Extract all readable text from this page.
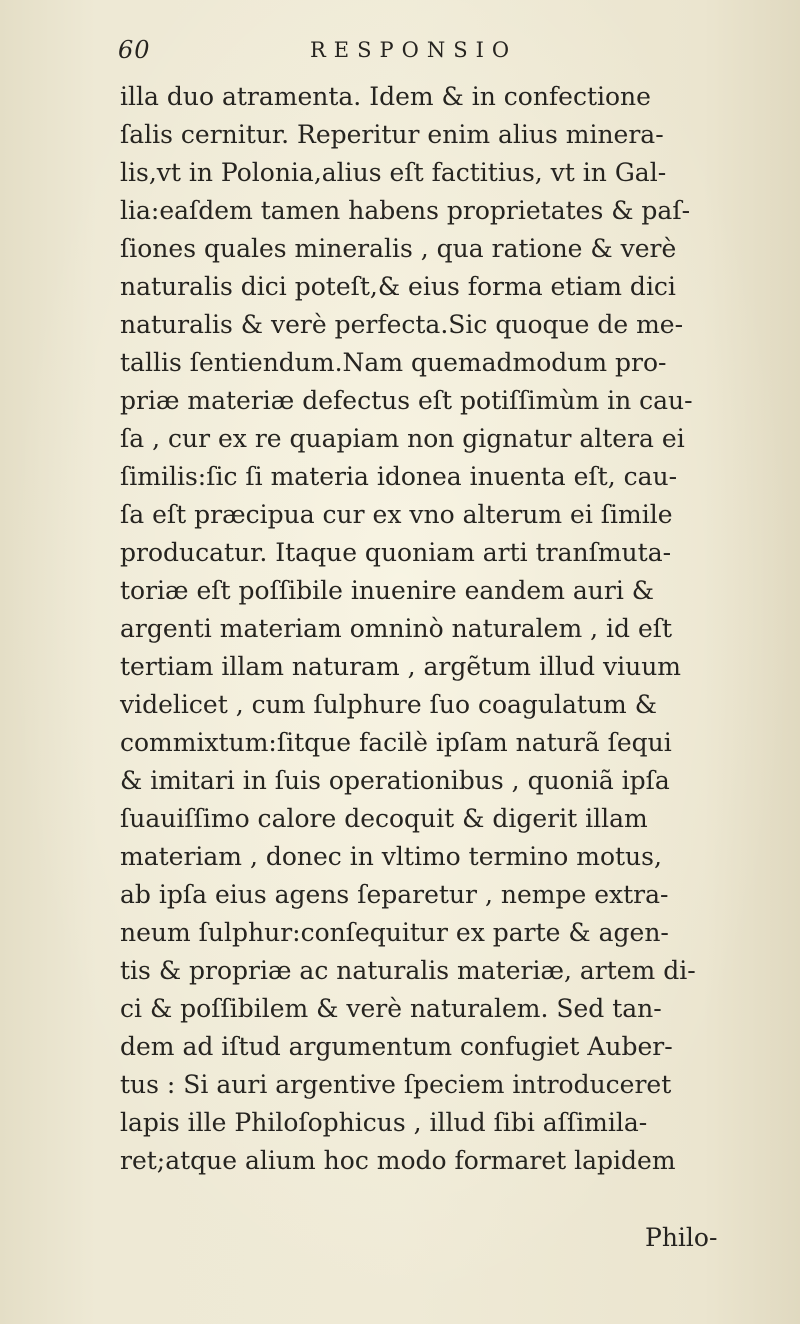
60	RESPONSIO
illa duo atramenta. Idem & in confectione
ſalis cernitur. Reperitur enim alius minera-
lis,vt in Polonia,alius eſt factitius, vt in Gal-
lia:eaſdem tamen habens proprietates & paſ-
ſiones quales mineralis , qua ratione & verè
naturalis dici poteſt,& eius forma etiam dici
naturalis & verè perfecta.Sic quoque de me-
tallis ſentiendum.Nam quemadmodum pro-
priæ materiæ defectus eſt potiſſimùm in cau-
ſa , cur ex re quapiam non gignatur altera ei
ſimilis:ſic ſi materia idonea inuenta eſt, cau-
ſa eſt præcipua cur ex vno alterum ei ſimile
producatur. Itaque quoniam arti tranſmuta-
toriæ eſt poſſibile inuenire eandem auri &
argenti materiam omninò naturalem , id eſt
tertiam illam naturam , argẽtum illud viuum
videlicet , cum ſulphure ſuo coagulatum &
commixtum:ſitque facilè ipſam naturã ſequi
& imitari in ſuis operationibus , quoniã ipſa
ſuauiſſimo calore decoquit & digerit illam
materiam , donec in vltimo termino motus,
ab ipſa eius agens ſeparetur , nempe extra-
neum ſulphur:conſequitur ex parte & agen-
tis & propriæ ac naturalis materiæ, artem di-
ci & poſſibilem & verè naturalem. Sed tan-
dem ad iſtud argumentum confugiet Auber-
tus : Si auri argentive ſpeciem introduceret
lapis ille Philoſophicus , illud ſibi aſſimila-
ret;atque alium hoc modo formaret lapidem
Philo-
